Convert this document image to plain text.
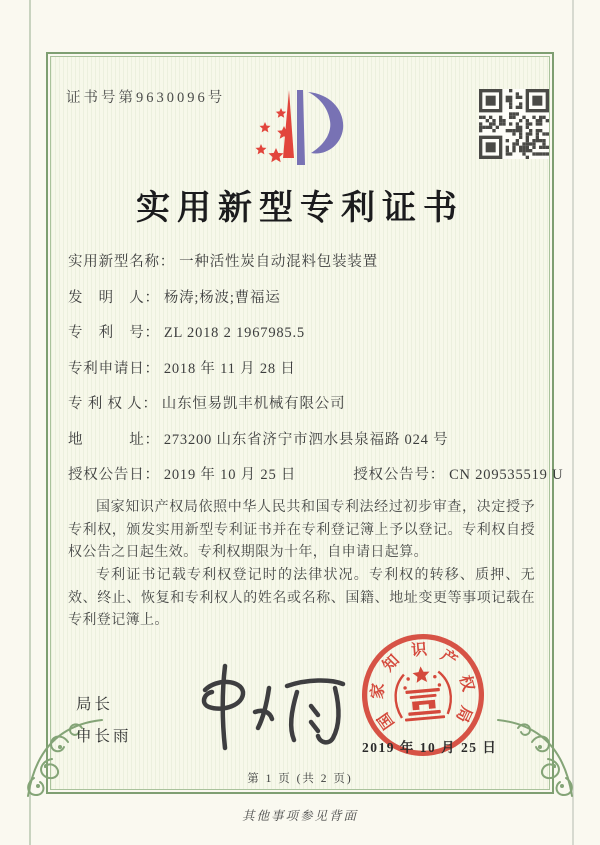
证书号第9630096号
实用新型专利证书
实用新型名称： 一种活性炭自动混料包装装置
发　明　人： 杨涛;杨波;曹福运
专　利　号： ZL 2018 2 1967985.5
专利申请日： 2018 年 11 月 28 日
专 利 权 人： 山东恒易凯丰机械有限公司
地　　　址： 273200 山东省济宁市泗水县泉福路 024 号
授权公告日： 2019 年 10 月 25 日	授权公告号： CN 209535519 U

国家知识产权局依照中华人民共和国专利法经过初步审查，决定授予专利权，颁发实用新型专利证书并在专利登记簿上予以登记。专利权自授权公告之日起生效。专利权期限为十年，自申请日起算。

专利证书记载专利权登记时的法律状况。专利权的转移、质押、无效、终止、恢复和专利权人的姓名或名称、国籍、地址变更等事项记载在专利登记簿上。

局长
申长雨
国
家
知
识 产
权
局
2019 年 10 月 25 日
第 1 页 (共 2 页)
其他事项参见背面
